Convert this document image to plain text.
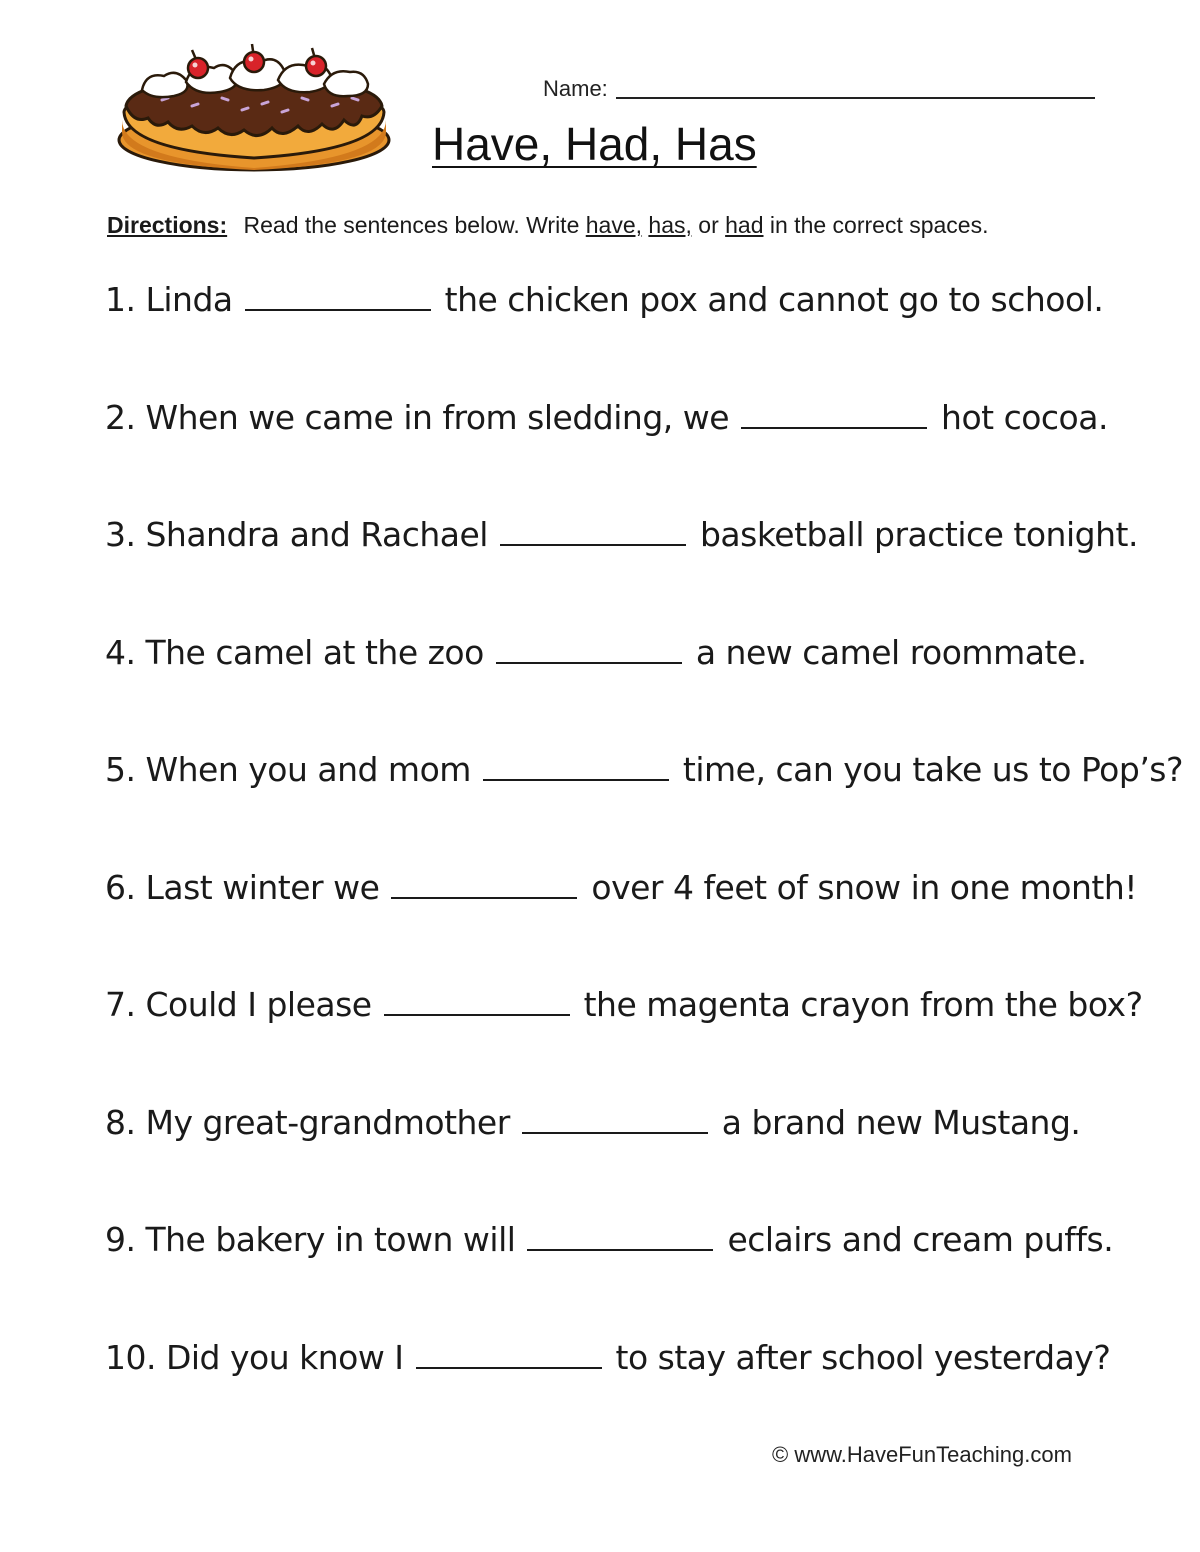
Name:
Have, Had, Has
Directions: Read the sentences below. Write have, has, or had in the correct spaces.
1. Linda	the chicken pox and cannot go to school.
2. When we came in from sledding, we	hot cocoa.
3. Shandra and Rachael	basketball practice tonight.
4. The camel at the zoo	a new camel roommate.
5. When you and mom	time, can you take us to Pop’s?
6. Last winter we	over 4 feet of snow in one month!
7. Could I please	the magenta crayon from the box?
8. My great-grandmother	a brand new Mustang.
9. The bakery in town will	eclairs and cream puffs.
10. Did you know I	to stay after school yesterday?
© www.HaveFunTeaching.com
